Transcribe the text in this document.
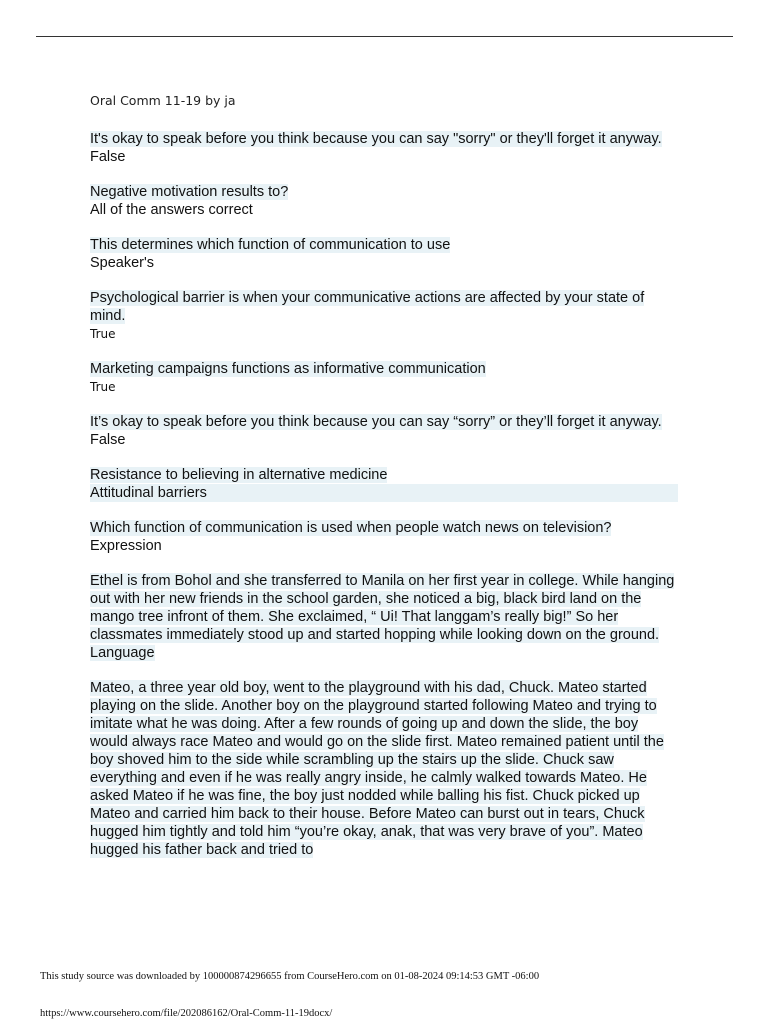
Oral Comm 11-19 by ja
It's okay to speak before you think because you can say "sorry" or they'll forget it anyway.
False
Negative motivation results to?
All of the answers correct
This determines which function of communication to use
Speaker's
Psychological barrier is when your communicative actions are affected by your state of mind.
True
Marketing campaigns functions as informative communication
True
It’s okay to speak before you think because you can say “sorry” or they’ll forget it anyway.
False
Resistance to believing in alternative medicine
Attitudinal barriers
Which function of communication is used when people watch news on television?
Expression
Ethel is from Bohol and she transferred to Manila on her first year in college. While hanging out with her new friends in the school garden, she noticed a big, black bird land on the mango tree infront of them. She exclaimed, “ Ui! That langgam’s really big!” So her classmates immediately stood up and started hopping while looking down on the ground.
Language
Mateo, a three year old boy, went to the playground with his dad, Chuck. Mateo started playing on the slide. Another boy on the playground started following Mateo and trying to imitate what he was doing. After a few rounds of going up and down the slide, the boy would always race Mateo and would go on the slide first. Mateo remained patient until the boy shoved him to the side while scrambling up the stairs up the slide. Chuck saw everything and even if he was really angry inside, he calmly walked towards Mateo. He asked Mateo if he was fine, the boy just nodded while balling his fist. Chuck picked up Mateo and carried him back to their house. Before Mateo can burst out in tears, Chuck hugged him tightly and told him “you’re okay, anak, that was very brave of you”. Mateo hugged his father back and tried to
This study source was downloaded by 100000874296655 from CourseHero.com on 01-08-2024 09:14:53 GMT -06:00
https://www.coursehero.com/file/202086162/Oral-Comm-11-19docx/
